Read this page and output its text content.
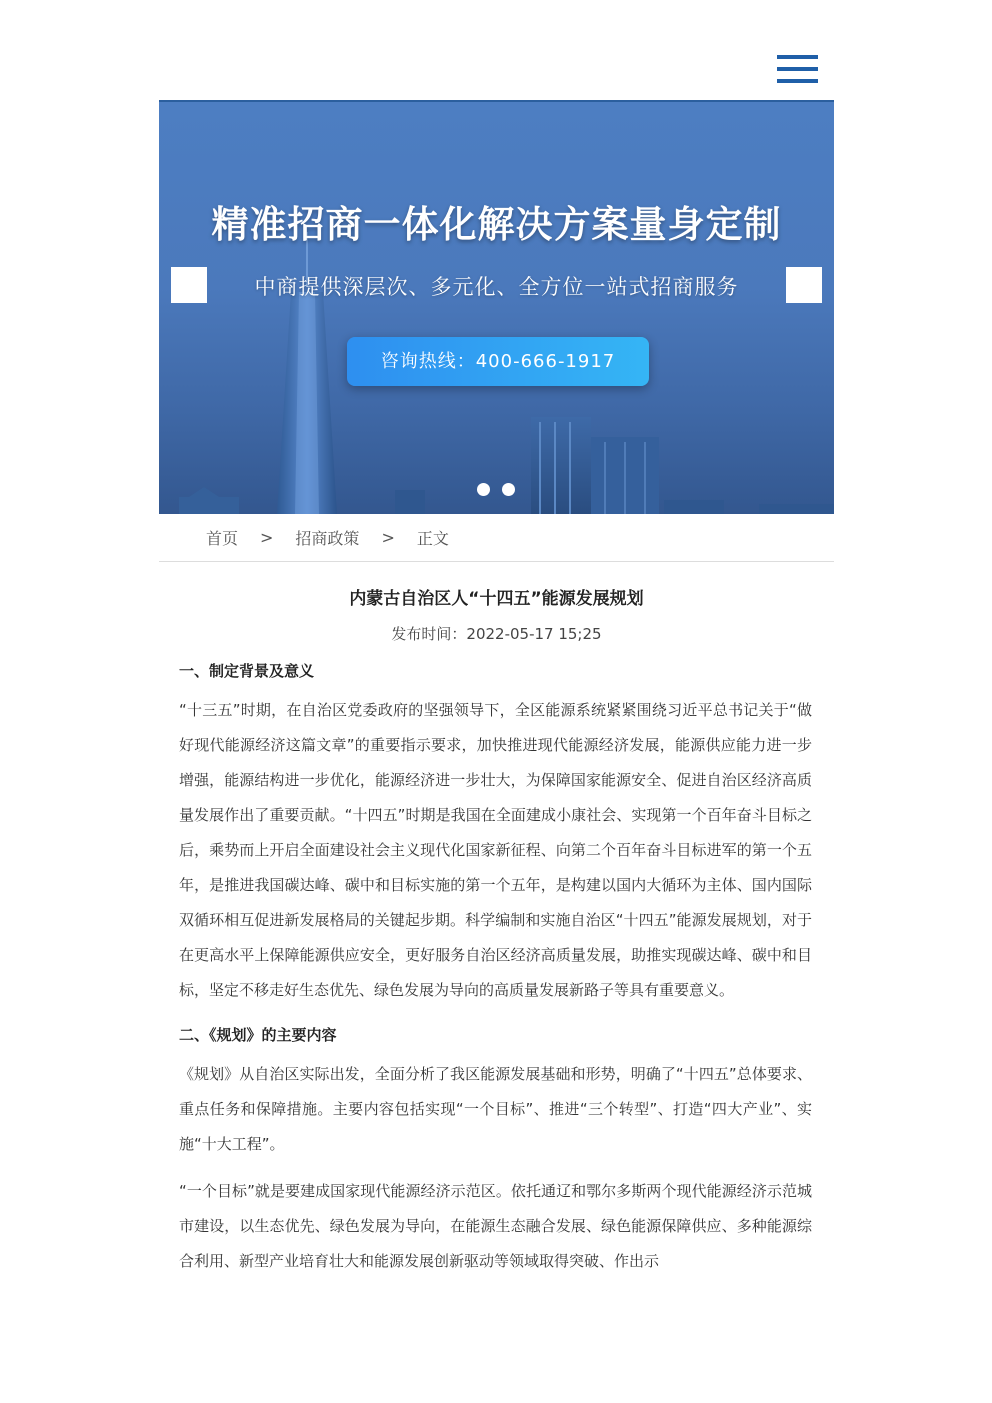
精准招商一体化解决方案量身定制
中商提供深层次、多元化、全方位一站式招商服务
咨询热线：400-666-1917
首页 > 招商政策 > 正文
内蒙古自治区人“十四五”能源发展规划
发布时间：2022-05-17 15;25
一、制定背景及意义

“十三五”时期，在自治区党委政府的坚强领导下，全区能源系统紧紧围绕习近平总书记关于“做好现代能源经济这篇文章”的重要指示要求，加快推进现代能源经济发展，能源供应能力进一步增强，能源结构进一步优化，能源经济进一步壮大，为保障国家能源安全、促进自治区经济高质量发展作出了重要贡献。“十四五”时期是我国在全面建成小康社会、实现第一个百年奋斗目标之后，乘势而上开启全面建设社会主义现代化国家新征程、向第二个百年奋斗目标进军的第一个五年，是推进我国碳达峰、碳中和目标实施的第一个五年，是构建以国内大循环为主体、国内国际双循环相互促进新发展格局的关键起步期。科学编制和实施自治区“十四五”能源发展规划，对于在更高水平上保障能源供应安全，更好服务自治区经济高质量发展，助推实现碳达峰、碳中和目标，坚定不移走好生态优先、绿色发展为导向的高质量发展新路子等具有重要意义。

二、《规划》的主要内容

《规划》从自治区实际出发，全面分析了我区能源发展基础和形势，明确了“十四五”总体要求、重点任务和保障措施。主要内容包括实现“一个目标”、推进“三个转型”、打造“四大产业”、实施“十大工程”。

“一个目标”就是要建成国家现代能源经济示范区。依托通辽和鄂尔多斯两个现代能源经济示范城市建设，以生态优先、绿色发展为导向，在能源生态融合发展、绿色能源保障供应、多种能源综合利用、新型产业培育壮大和能源发展创新驱动等领域取得突破、作出示
